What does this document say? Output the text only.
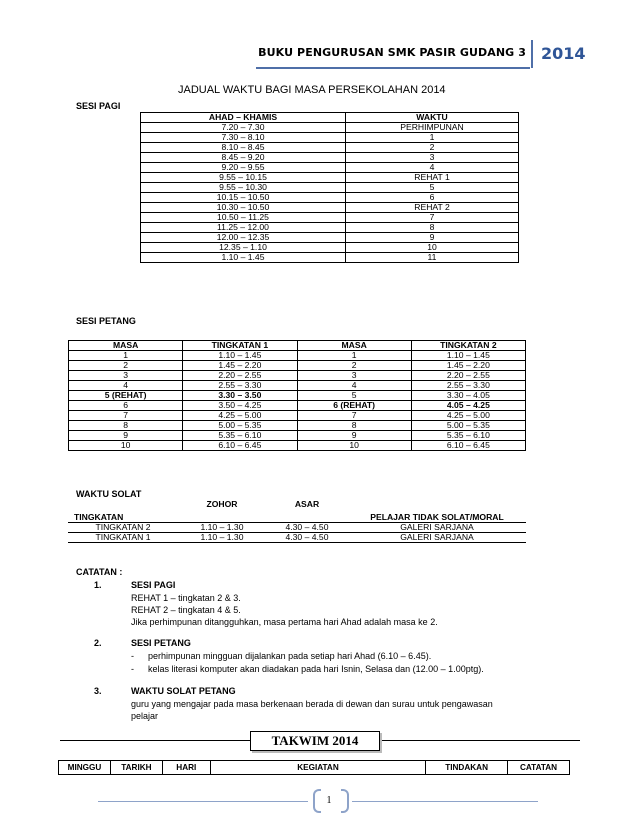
BUKU PENGURUSAN SMK PASIR GUDANG 3 2014
JADUAL WAKTU BAGI MASA PERSEKOLAHAN 2014
SESI PAGI
AHAD – KHAMIS	WAKTU
7.20 – 7.30	PERHIMPUNAN
7.30 – 8.10	1
8.10 – 8.45	2
8.45 – 9.20	3
9.20 – 9.55	4
9.55 – 10.15	REHAT 1
9.55 – 10.30	5
10.15 – 10.50	6
10.30 – 10.50	REHAT 2
10.50 – 11.25	7
11.25 – 12.00	8
12.00 – 12.35	9
12.35 – 1.10	10
1.10 – 1.45	11
SESI PETANG
MASA	TINGKATAN 1	MASA	TINGKATAN 2
1	1.10 – 1.45	1	1.10 – 1.45
2	1.45 – 2.20	2	1.45 – 2.20
3	2.20 – 2.55	3	2.20 – 2.55
4	2.55 – 3.30	4	2.55 – 3.30
5 (REHAT)	3.30 – 3.50	5	3.30 – 4.05
6	3.50 – 4.25	6 (REHAT)	4.05 – 4.25
7	4.25 – 5.00	7	4.25 – 5.00
8	5.00 – 5.35	8	5.00 – 5.35
9	5.35 – 6.10	9	5.35 – 6.10
10	6.10 – 6.45	10	6.10 – 6.45
WAKTU SOLAT
TINGKATAN	ZOHOR	ASAR	PELAJAR TIDAK SOLAT/MORAL
TINGKATAN 2	1.10 – 1.30	4.30 – 4.50	GALERI SARJANA
TINGKATAN 1	1.10 – 1.30	4.30 – 4.50	GALERI SARJANA
CATATAN :
1.	SESI PAGI
REHAT 1 – tingkatan 2 & 3.
REHAT 2 – tingkatan 4 & 5.
Jika perhimpunan ditangguhkan, masa pertama hari Ahad adalah masa ke 2.
2.	SESI PETANG
- perhimpunan mingguan dijalankan pada setiap hari Ahad (6.10 – 6.45).
- kelas literasi komputer akan diadakan pada hari Isnin, Selasa dan (12.00 – 1.00ptg).
3.	WAKTU SOLAT PETANG
guru yang mengajar pada masa berkenaan berada di dewan dan surau untuk pengawasan
pelajar
TAKWIM 2014
MINGGU	TARIKH	HARI	KEGIATAN	TINDAKAN	CATATAN
1
